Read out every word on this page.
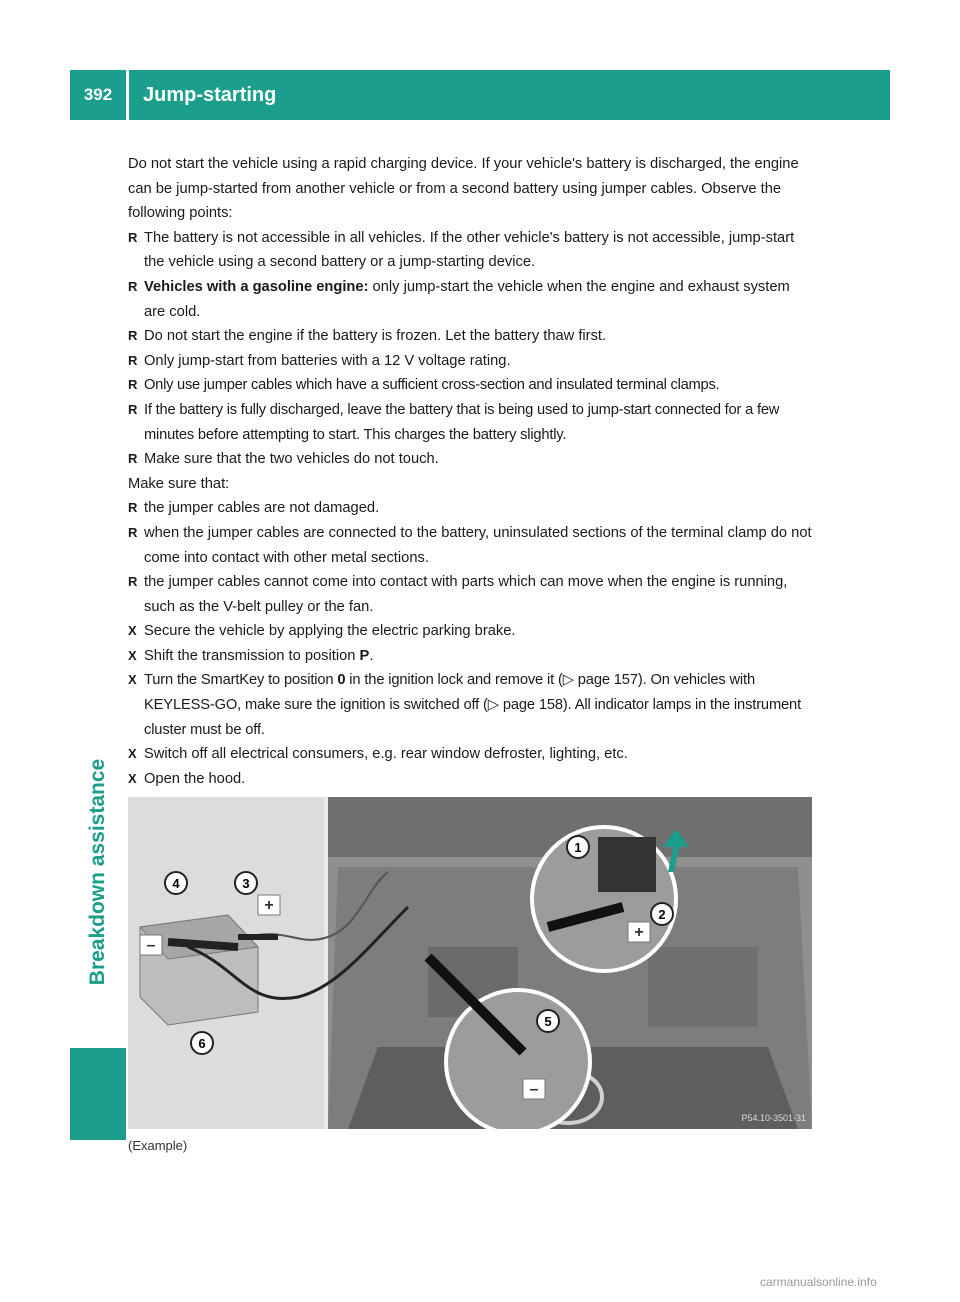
392	Jump-starting
Breakdown assistance

Do not start the vehicle using a rapid charging device. If your vehicle's battery is discharged, the engine can be jump-started from another vehicle or from a second battery using jumper cables. Observe the following points:

R The battery is not accessible in all vehicles. If the other vehicle's battery is not accessible, jump-start the vehicle using a second battery or a jump-starting device.

R Vehicles with a gasoline engine: only jump-start the vehicle when the engine and exhaust system are cold.

R Do not start the engine if the battery is frozen. Let the battery thaw first.

R Only jump-start from batteries with a 12 V voltage rating.

R Only use jumper cables which have a sufficient cross-section and insulated terminal clamps.

R If the battery is fully discharged, leave the battery that is being used to jump-start connected for a few minutes before attempting to start. This charges the battery slightly.

R Make sure that the two vehicles do not touch.

Make sure that:

R the jumper cables are not damaged.

R when the jumper cables are connected to the battery, uninsulated sections of the terminal clamp do not come into contact with other metal sections.

R the jumper cables cannot come into contact with parts which can move when the engine is running, such as the V-belt pulley or the fan.

X Secure the vehicle by applying the electric parking brake.

X Shift the transmission to position P.

X Turn the SmartKey to position 0 in the ignition lock and remove it (▷ page 157). On vehicles with KEYLESS-GO, make sure the ignition is switched off (▷ page 158). All indicator lamps in the instrument cluster must be off.

X Switch off all electrical consumers, e.g. rear window defroster, lighting, etc.

X Open the hood.

–
+
–
+
1
2
3
4
5
6
P54.10-3501-31
(Example)
carmanualsonline.info
